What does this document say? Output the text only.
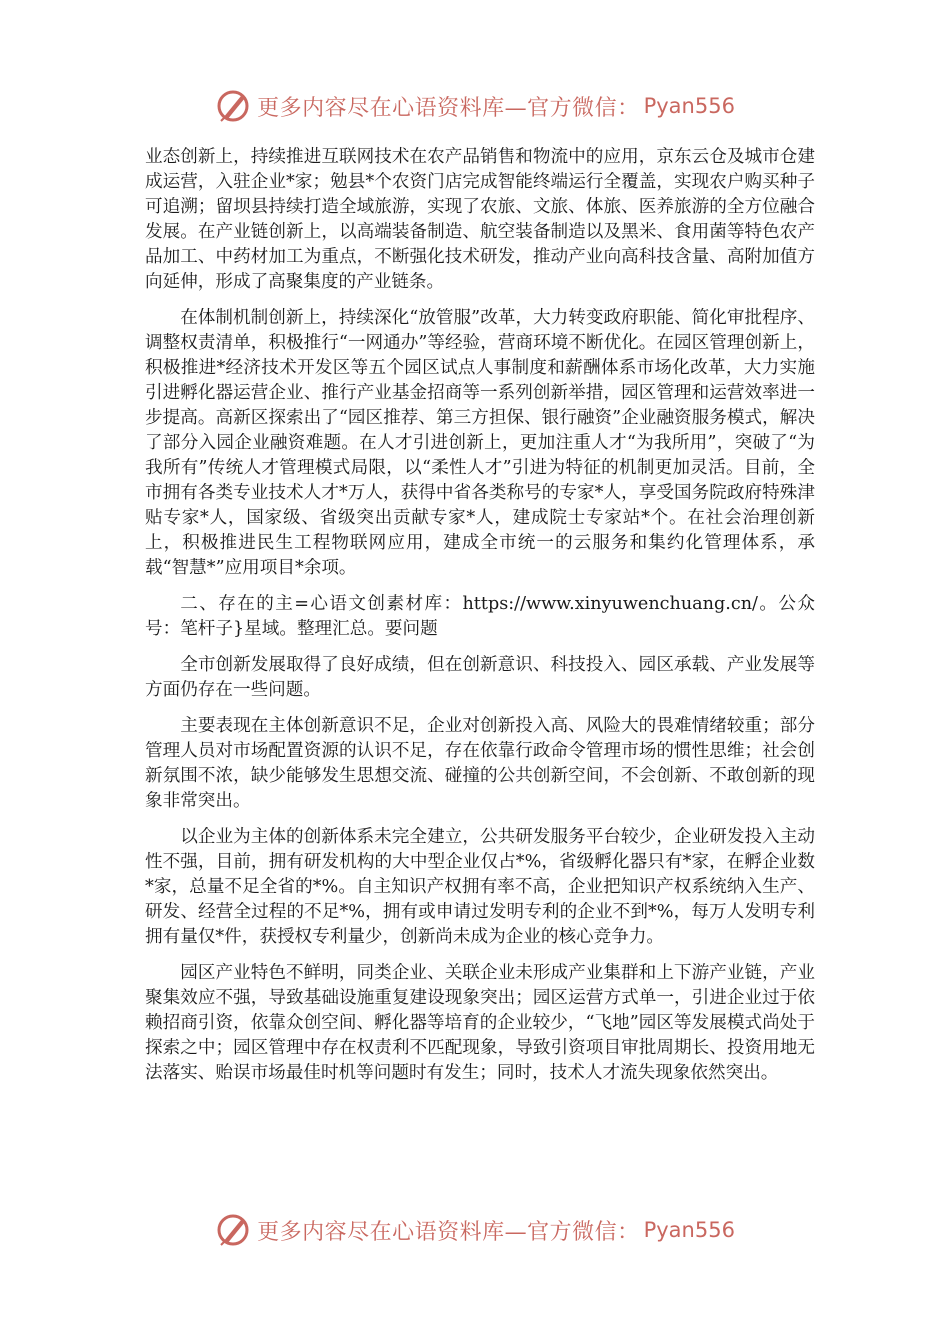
更多内容尽在心语资料库—官方微信： Pyan556

业态创新上，持续推进互联网技术在农产品销售和物流中的应用，京东云仓及城市仓建成运营，入驻企业*家；勉县*个农资门店完成智能终端运行全覆盖，实现农户购买种子可追溯；留坝县持续打造全域旅游，实现了农旅、文旅、体旅、医养旅游的全方位融合发展。在产业链创新上，以高端装备制造、航空装备制造以及黑米、食用菌等特色农产品加工、中药材加工为重点，不断强化技术研发，推动产业向高科技含量、高附加值方向延伸，形成了高聚集度的产业链条。

在体制机制创新上，持续深化“放管服”改革，大力转变政府职能、简化审批程序、调整权责清单，积极推行“一网通办”等经验，营商环境不断优化。在园区管理创新上，积极推进*经济技术开发区等五个园区试点人事制度和薪酬体系市场化改革，大力实施引进孵化器运营企业、推行产业基金招商等一系列创新举措，园区管理和运营效率进一步提高。高新区探索出了“园区推荐、第三方担保、银行融资”企业融资服务模式，解决了部分入园企业融资难题。在人才引进创新上，更加注重人才“为我所用”，突破了“为我所有”传统人才管理模式局限，以“柔性人才”引进为特征的机制更加灵活。目前，全市拥有各类专业技术人才*万人，获得中省各类称号的专家*人，享受国务院政府特殊津贴专家*人，国家级、省级突出贡献专家*人，建成院士专家站*个。在社会治理创新上，积极推进民生工程物联网应用，建成全市统一的云服务和集约化管理体系，承载“智慧*”应用项目*余项。

二、存在的主=心语文创素材库：https://www.xinyuwenchuang.cn/。公众号：笔杆子}星域。整理汇总。要问题

全市创新发展取得了良好成绩，但在创新意识、科技投入、园区承载、产业发展等方面仍存在一些问题。

主要表现在主体创新意识不足，企业对创新投入高、风险大的畏难情绪较重；部分管理人员对市场配置资源的认识不足，存在依靠行政命令管理市场的惯性思维；社会创新氛围不浓，缺少能够发生思想交流、碰撞的公共创新空间，不会创新、不敢创新的现象非常突出。

以企业为主体的创新体系未完全建立，公共研发服务平台较少，企业研发投入主动性不强，目前，拥有研发机构的大中型企业仅占*%，省级孵化器只有*家，在孵企业数*家，总量不足全省的*%。自主知识产权拥有率不高，企业把知识产权系统纳入生产、研发、经营全过程的不足*%，拥有或申请过发明专利的企业不到*%，每万人发明专利拥有量仅*件，获授权专利量少，创新尚未成为企业的核心竞争力。

园区产业特色不鲜明，同类企业、关联企业未形成产业集群和上下游产业链，产业聚集效应不强，导致基础设施重复建设现象突出；园区运营方式单一，引进企业过于依赖招商引资，依靠众创空间、孵化器等培育的企业较少，“飞地”园区等发展模式尚处于探索之中；园区管理中存在权责利不匹配现象，导致引资项目审批周期长、投资用地无法落实、贻误市场最佳时机等问题时有发生；同时，技术人才流失现象依然突出。

更多内容尽在心语资料库—官方微信： Pyan556
